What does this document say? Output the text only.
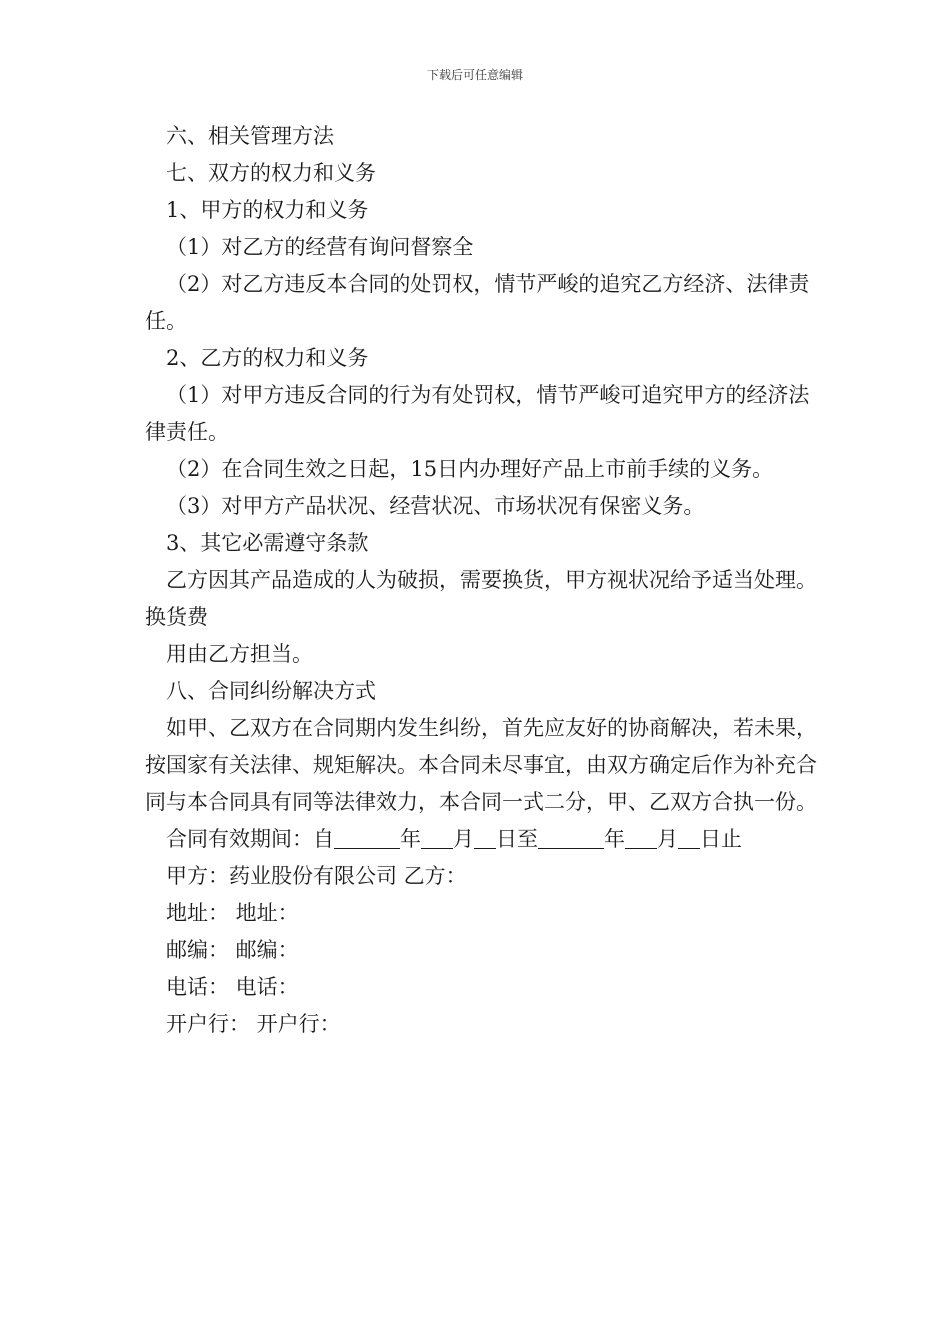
下载后可任意编辑

六、相关管理方法

七、双方的权力和义务

1、甲方的权力和义务

（1）对乙方的经营有询问督察全

（2）对乙方违反本合同的处罚权，情节严峻的追究乙方经济、法律责任。

2、乙方的权力和义务

（1）对甲方违反合同的行为有处罚权，情节严峻可追究甲方的经济法律责任。

（2）在合同生效之日起，15日内办理好产品上市前手续的义务。

（3）对甲方产品状况、经营状况、市场状况有保密义务。

3、其它必需遵守条款

乙方因其产品造成的人为破损，需要换货，甲方视状况给予适当处理。换货费

用由乙方担当。

八、合同纠纷解决方式

如甲、乙双方在合同期内发生纠纷，首先应友好的协商解决，若未果，按国家有关法律、规矩解决。本合同未尽事宜，由双方确定后作为补充合同与本合同具有同等法律效力，本合同一式二分，甲、乙双方合执一份。

合同有效期间：自	年 月 日至	年 月 日止

甲方：药业股份有限公司 乙方：

地址： 地址：

邮编： 邮编：

电话： 电话：

开户行： 开户行：
